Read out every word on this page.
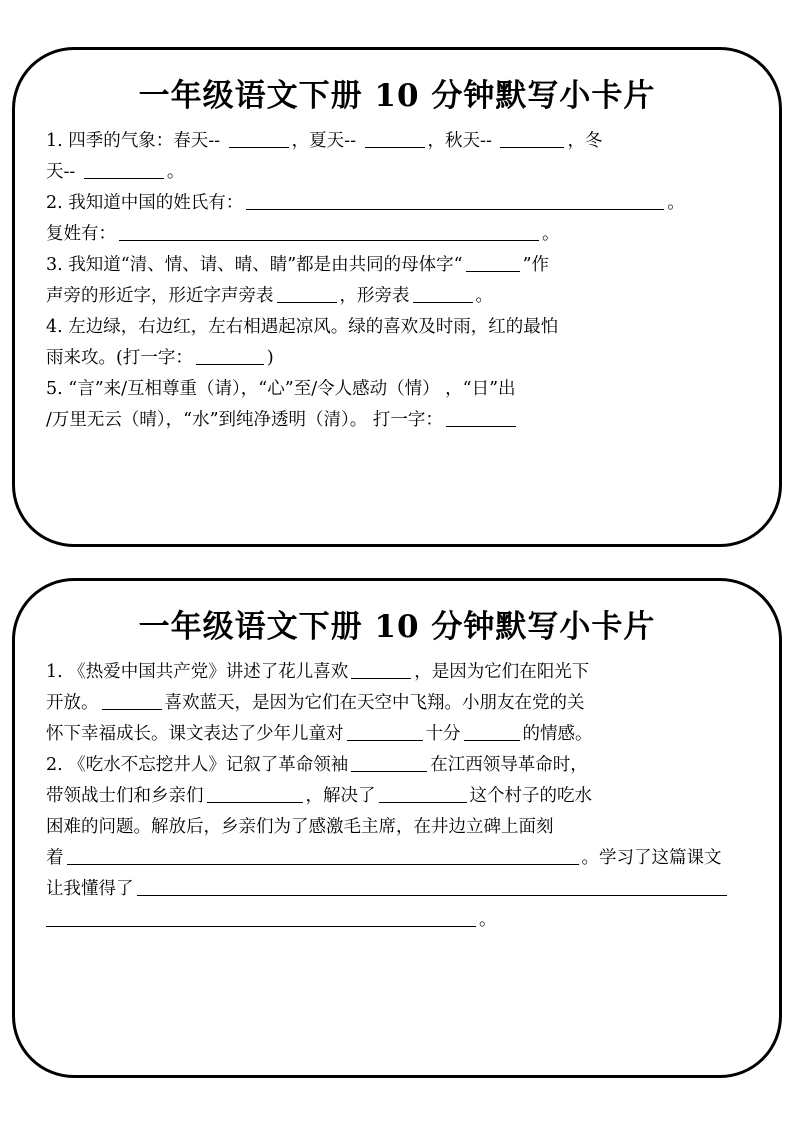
一年级语文下册 10 分钟默写小卡片
1. 四季的气象：春天--	，夏天--	，秋天--	，冬
天--	。
2. 我知道中国的姓氏有：	。
复姓有：	。
3. 我知道“清、情、请、晴、睛”都是由共同的母体字“	”作
声旁的形近字，形近字声旁表	，形旁表	。
4. 左边绿，右边红，左右相遇起凉风。绿的喜欢及时雨，红的最怕
雨来攻。(打一字：	)
5. “言”来/互相尊重（请），“心”至/令人感动（情） ，“日”出
/万里无云（晴），“水”到纯净透明（清）。 打一字：
一年级语文下册 10 分钟默写小卡片
1. 《热爱中国共产党》讲述了花儿喜欢	，是因为它们在阳光下
开放。	喜欢蓝天，是因为它们在天空中飞翔。小朋友在党的关
怀下幸福成长。课文表达了少年儿童对	十分	的情感。
2. 《吃水不忘挖井人》记叙了革命领袖	在江西领导革命时，
带领战士们和乡亲们	，解决了	这个村子的吃水
困难的问题。解放后，乡亲们为了感激毛主席，在井边立碑上面刻
着	。学习了这篇课文
让我懂得了
。
